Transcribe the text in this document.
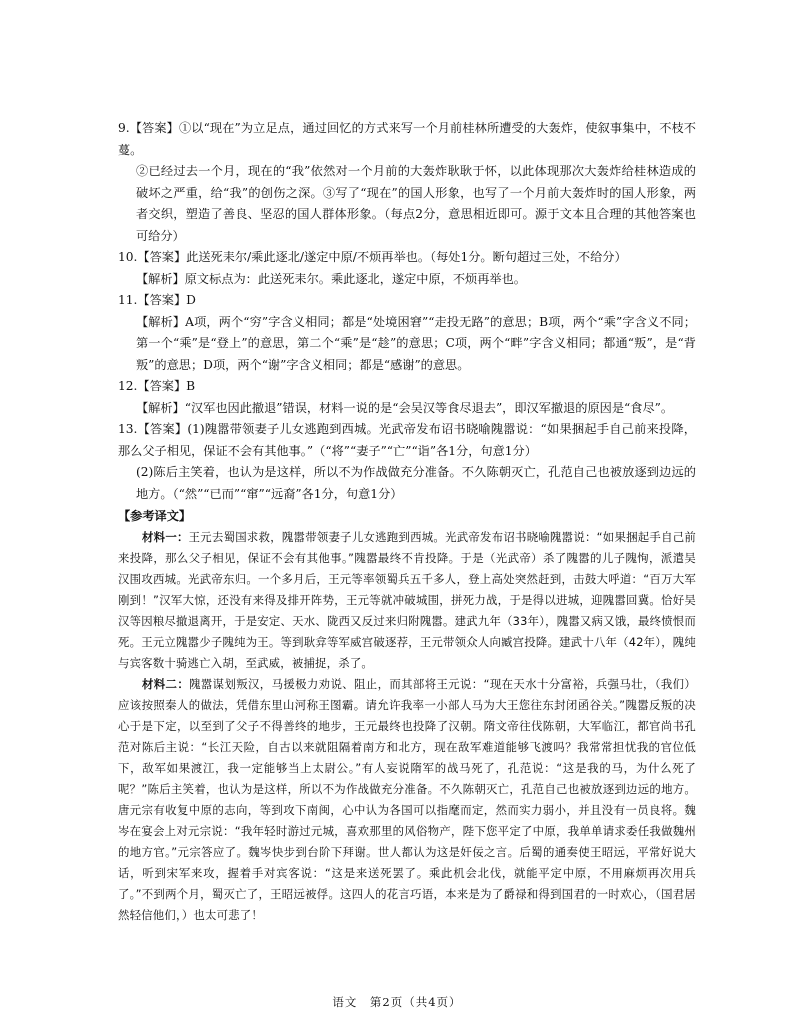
9.【答案】①以“现在”为立足点，通过回忆的方式来写一个月前桂林所遭受的大轰炸，使叙事集中，不枝不蔓。

②已经过去一个月，现在的“我”依然对一个月前的大轰炸耿耿于怀，以此体现那次大轰炸给桂林造成的破坏之严重，给“我”的创伤之深。③写了“现在”的国人形象，也写了一个月前大轰炸时的国人形象，两者交织，塑造了善良、坚忍的国人群体形象。（每点2分，意思相近即可。源于文本且合理的其他答案也可给分）

10.【答案】此送死耒尔/乘此逐北/遂定中原/不烦再举也。（每处1分。断句超过三处，不给分）

【解析】原文标点为：此送死耒尔。乘此逐北，遂定中原，不烦再举也。

11.【答案】D

【解析】A项，两个“穷”字含义相同；都是“处境困窘”“走投无路”的意思；B项，两个“乘”字含义不同；第一个“乘”是“登上”的意思，第二个“乘”是“趁”的意思；C项，两个“畔”字含义相同；都通“叛”，是“背叛”的意思；D项，两个“谢”字含义相同；都是“感谢”的意思。

12.【答案】B

【解析】“汉军也因此撤退”错误，材料一说的是“会吴汉等食尽退去”，即汉军撤退的原因是“食尽”。

13.【答案】(1)隗嚣带领妻子儿女逃跑到西城。光武帝发布诏书晓喻隗嚣说：“如果捆起手自己前来投降，那么父子相见，保证不会有其他事。”（“将”“妻子”“亡”“诣”各1分，句意1分）

(2)陈后主笑着，也认为是这样，所以不为作战做充分准备。不久陈朝灭亡，孔范自己也被放逐到边远的地方。（“然”“已而”“窜”“远裔”各1分，句意1分）

【参考译文】

材料一：王元去蜀国求救，隗嚣带领妻子儿女逃跑到西城。光武帝发布诏书晓喻隗嚣说：“如果捆起手自己前来投降，那么父子相见，保证不会有其他事。”隗嚣最终不肯投降。于是（光武帝）杀了隗嚣的儿子隗恂，派遣吴汉围攻西城。光武帝东归。一个多月后，王元等率领蜀兵五千多人，登上高处突然赶到，击鼓大呼道：“百万大军刚到！”汉军大惊，还没有来得及排开阵势，王元等就冲破城围，拼死力战，于是得以进城，迎隗嚣回冀。恰好吴汉等因粮尽撤退离开，于是安定、天水、陇西又反过来归附隗嚣。建武九年（33年），隗嚣又病又饿，最终愤恨而死。王元立隗嚣少子隗纯为王。等到耿弇等军威宫破逐荐，王元带领众人向臧宫投降。建武十八年（42年），隗纯与宾客数十骑逃亡入胡，至武威，被捕捉，杀了。

材料二：隗嚣谋划叛汉，马援极力劝说、阻止，而其部将王元说：“现在天水十分富裕，兵强马壮，（我们）应该按照秦人的做法，凭借东里山河称王图霸。请允许我率一小部人马为大王您往东封闭函谷关。”隗嚣反叛的决心于是下定，以至到了父子不得善终的地步，王元最终也投降了汉朝。隋文帝往伐陈朝，大军临江，都官尚书孔范对陈后主说：“长江天险，自古以来就阻隔着南方和北方，现在敌军难道能够飞渡吗？我常常担忧我的官位低下，敌军如果渡江，我一定能够当上太尉公。”有人妄说隋军的战马死了，孔范说：“这是我的马，为什么死了呢？”陈后主笑着，也认为是这样，所以不为作战做充分准备。不久陈朝灭亡，孔范自己也被放逐到边远的地方。唐元宗有收复中原的志向，等到攻下南闽，心中认为各国可以指麾而定，然而实力弱小，并且没有一员良将。魏岑在宴会上对元宗说：“我年轻时游过元城，喜欢那里的风俗物产，陛下您平定了中原，我单单请求委任我做魏州的地方官。”元宗答应了。魏岑快步到台阶下拜谢。世人都认为这是奸佞之言。后蜀的通奏使王昭远，平常好说大话，听到宋军来攻，握着手对宾客说：“这是来送死罢了。乘此机会北伐，就能平定中原，不用麻烦再次用兵了。”不到两个月，蜀灭亡了，王昭远被俘。这四人的花言巧语，本来是为了爵禄和得到国君的一时欢心，（国君居然轻信他们，）也太可悲了！

语文　第2页（共4页）
